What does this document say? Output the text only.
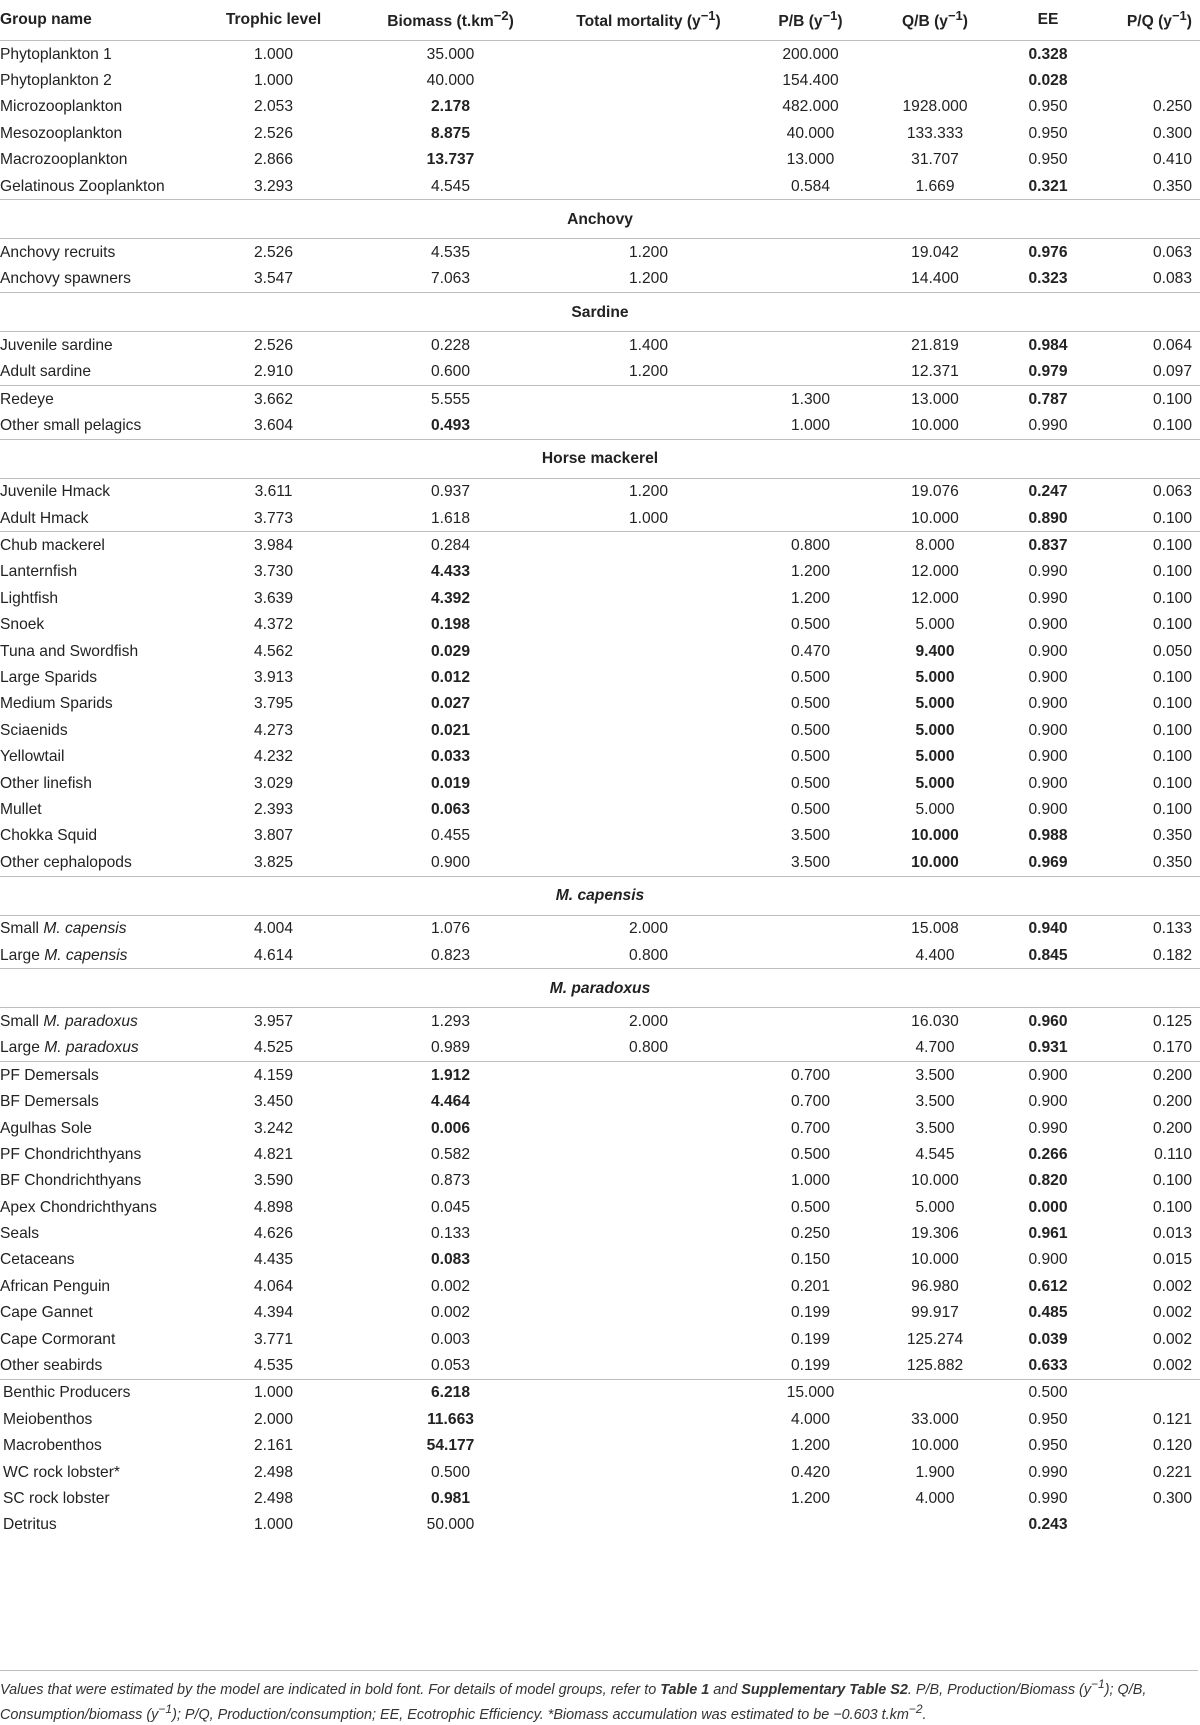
Group name	Trophic level	Biomass $(t.km^{-2})$	Total mortality $(y^{-1})$	P/B $(y^{-1})$	Q/B $(y^{-1})$	EE	P/Q $(y^{-1})$
Phytoplankton 1	1.000	35.000		200.000		0.328	
Phytoplankton 2	1.000	40.000		154.400		0.028	
Microzooplankton	2.053	2.178		482.000	1928.000	0.950	0.250
Mesozooplankton	2.526	8.875		40.000	133.333	0.950	0.300
Macrozooplankton	2.866	13.737		13.000	31.707	0.950	0.410
Gelatinous Zooplankton	3.293	4.545		0.584	1.669	0.321	0.350
Anchovy							
Anchovy recruits	2.526	4.535	1.200		19.042	0.976	0.063
Anchovy spawners	3.547	7.063	1.200		14.400	0.323	0.083
Sardine							
Juvenile sardine	2.526	0.228	1.400		21.819	0.984	0.064
Adult sardine	2.910	0.600	1.200		12.371	0.979	0.097
Redeye	3.662	5.555		1.300	13.000	0.787	0.100
Other small pelagics	3.604	0.493		1.000	10.000	0.990	0.100
Horse mackerel							
Juvenile Hmack	3.611	0.937	1.200		19.076	0.247	0.063
Adult Hmack	3.773	1.618	1.000		10.000	0.890	0.100
Chub mackerel	3.984	0.284		0.800	8.000	0.837	0.100
Lanternfish	3.730	4.433		1.200	12.000	0.990	0.100
Lightfish	3.639	4.392		1.200	12.000	0.990	0.100
Snoek	4.372	0.198		0.500	5.000	0.900	0.100
Tuna and Swordfish	4.562	0.029		0.470	9.400	0.900	0.050
Large Sparids	3.913	0.012		0.500	5.000	0.900	0.100
Medium Sparids	3.795	0.027		0.500	5.000	0.900	0.100
Sciaenids	4.273	0.021		0.500	5.000	0.900	0.100
Yellowtail	4.232	0.033		0.500	5.000	0.900	0.100
Other linefish	3.029	0.019		0.500	5.000	0.900	0.100
Mullet	2.393	0.063		0.500	5.000	0.900	0.100
Chokka Squid	3.807	0.455		3.500	10.000	0.988	0.350
Other cephalopods	3.825	0.900		3.500	10.000	0.969	0.350
M. capensis							
Small M. capensis	4.004	1.076	2.000		15.008	0.940	0.133
Large M. capensis	4.614	0.823	0.800		4.400	0.845	0.182
M. paradoxus							
Small M. paradoxus	3.957	1.293	2.000		16.030	0.960	0.125
Large M. paradoxus	4.525	0.989	0.800		4.700	0.931	0.170
PF Demersals	4.159	1.912		0.700	3.500	0.900	0.200
BF Demersals	3.450	4.464		0.700	3.500	0.900	0.200
Agulhas Sole	3.242	0.006		0.700	3.500	0.990	0.200
PF Chondrichthyans	4.821	0.582		0.500	4.545	0.266	0.110
BF Chondrichthyans	3.590	0.873		1.000	10.000	0.820	0.100
Apex Chondrichthyans	4.898	0.045		0.500	5.000	0.000	0.100
Seals	4.626	0.133		0.250	19.306	0.961	0.013
Cetaceans	4.435	0.083		0.150	10.000	0.900	0.015
African Penguin	4.064	0.002		0.201	96.980	0.612	0.002
Cape Gannet	4.394	0.002		0.199	99.917	0.485	0.002
Cape Cormorant	3.771	0.003		0.199	125.274	0.039	0.002
Other seabirds	4.535	0.053		0.199	125.882	0.633	0.002
Benthic Producers	1.000	6.218		15.000		0.500	
Meiobenthos	2.000	11.663		4.000	33.000	0.950	0.121
Macrobenthos	2.161	54.177		1.200	10.000	0.950	0.120
WC rock lobster*	2.498	0.500		0.420	1.900	0.990	0.221
SC rock lobster	2.498	0.981		1.200	4.000	0.990	0.300
Detritus	1.000	50.000				0.243	
Values that were estimated by the model are indicated in bold font. For details of model groups, refer to Table 1 and Supplementary Table S2. P/B, Production/Biomass $(y^{-1})$; Q/B, Consumption/biomass $(y^{-1})$; P/Q, Production/consumption; EE, Ecotrophic Efficiency. *Biomass accumulation was estimated to be −0.603 $t.km^{-2}$.
